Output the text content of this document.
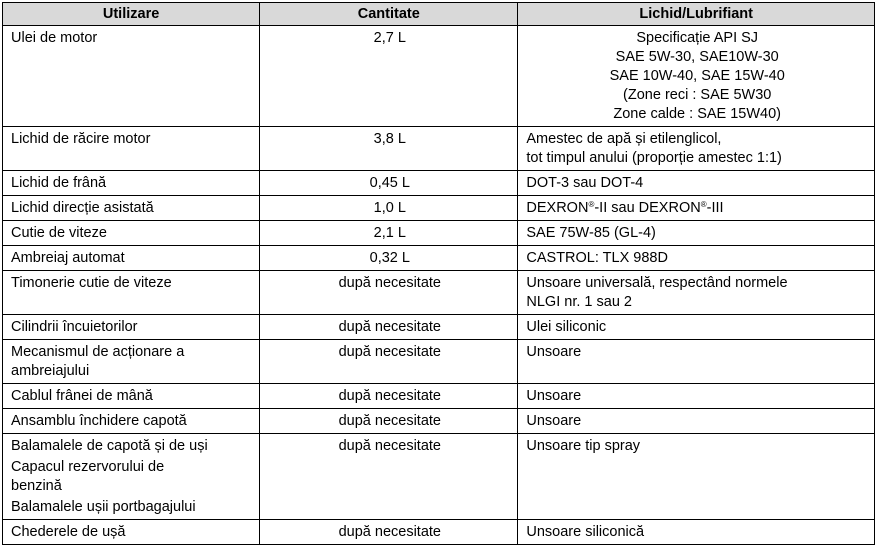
Utilizare	Cantitate	Lichid/Lubrifiant

Ulei de motor	2,7 L	Specificație API SJ
SAE 5W-30, SAE10W-30
SAE 10W-40, SAE 15W-40
(Zone reci : SAE 5W30
Zone calde : SAE 15W40)

Lichid de răcire motor	3,8 L	Amestec de apă și etilenglicol,
tot timpul anului (proporție amestec 1:1)

Lichid de frână	0,45 L	DOT-3 sau DOT-4

Lichid direcție asistată	1,0 L	DEXRON®-II sau DEXRON®-III

Cutie de viteze	2,1 L	SAE 75W-85 (GL-4)

Ambreiaj automat	0,32 L	CASTROL: TLX 988D

Timonerie cutie de viteze	după necesitate	Unsoare universală, respectând normele
NLGI nr. 1 sau 2

Cilindrii încuietorilor	după necesitate	Ulei siliconic

Mecanismul de acționare a
ambreiajului	după necesitate	Unsoare

Cablul frânei de mână	după necesitate	Unsoare

Ansamblu închidere capotă	după necesitate	Unsoare

Balamalele de capotă și de uși
Capacul rezervorului de
benzină
Balamalele ușii portbagajului	după necesitate	Unsoare tip spray

Chederele de ușă	după necesitate	Unsoare siliconică
